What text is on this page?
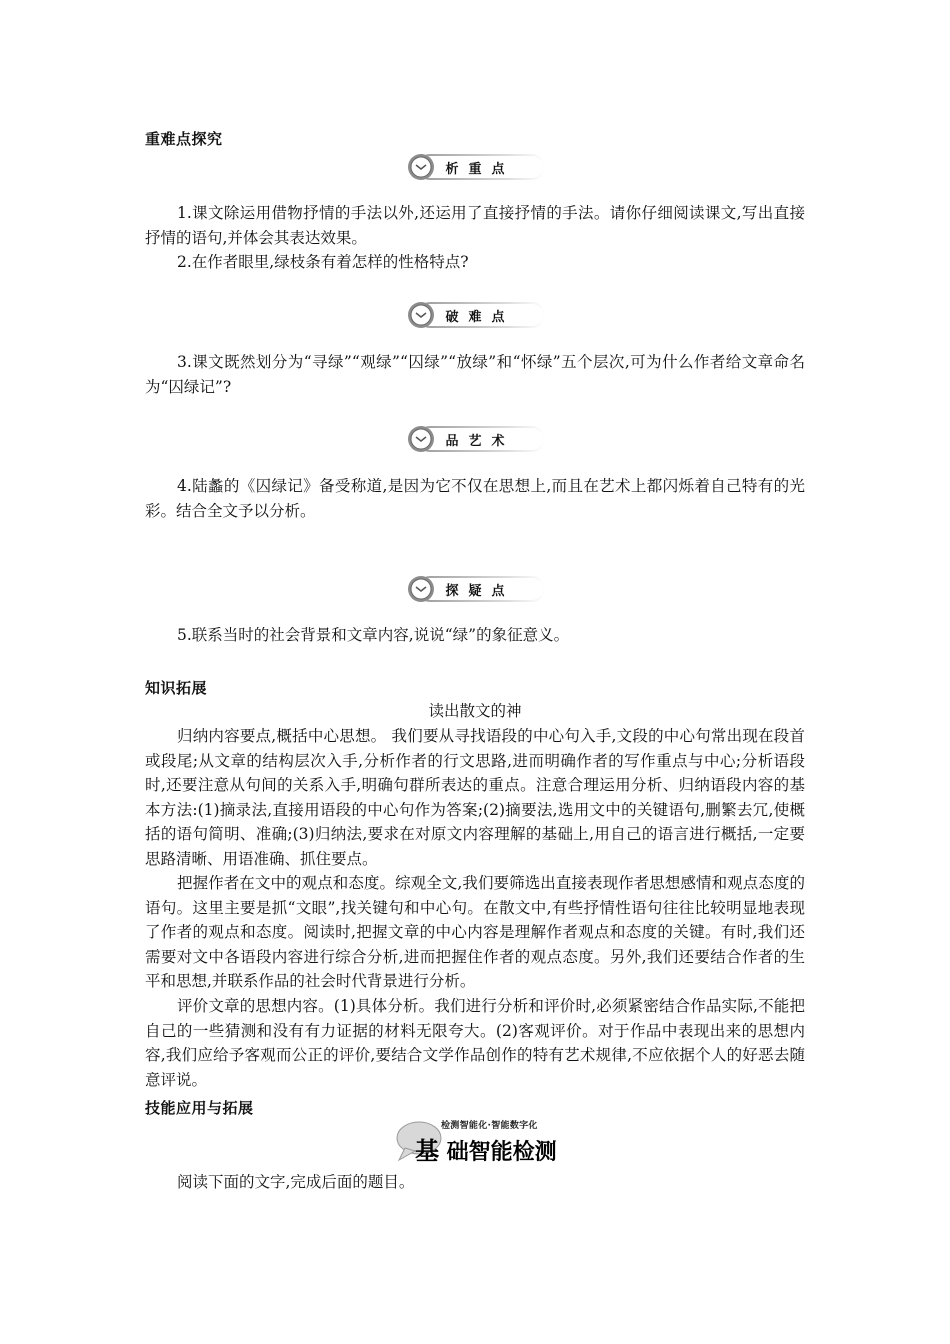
重难点探究
析重点
1.课文除运用借物抒情的手法以外,还运用了直接抒情的手法。请你仔细阅读课文,写出直接抒情的语句,并体会其表达效果。
2.在作者眼里,绿枝条有着怎样的性格特点?
破难点
3.课文既然划分为“寻绿”“观绿”“囚绿”“放绿”和“怀绿”五个层次,可为什么作者给文章命名为“囚绿记”?
品艺术
4.陆蠡的《囚绿记》备受称道,是因为它不仅在思想上,而且在艺术上都闪烁着自己特有的光彩。结合全文予以分析。
探疑点
5.联系当时的社会背景和文章内容,说说“绿”的象征意义。
知识拓展
读出散文的神
归纳内容要点,概括中心思想。 我们要从寻找语段的中心句入手,文段的中心句常出现在段首或段尾;从文章的结构层次入手,分析作者的行文思路,进而明确作者的写作重点与中心;分析语段时,还要注意从句间的关系入手,明确句群所表达的重点。注意合理运用分析、归纳语段内容的基本方法:(1)摘录法,直接用语段的中心句作为答案;(2)摘要法,选用文中的关键语句,删繁去冗,使概括的语句简明、准确;(3)归纳法,要求在对原文内容理解的基础上,用自己的语言进行概括,一定要思路清晰、用语准确、抓住要点。
把握作者在文中的观点和态度。综观全文,我们要筛选出直接表现作者思想感情和观点态度的语句。这里主要是抓“文眼”,找关键句和中心句。在散文中,有些抒情性语句往往比较明显地表现了作者的观点和态度。阅读时,把握文章的中心内容是理解作者观点和态度的关键。有时,我们还需要对文中各语段内容进行综合分析,进而把握住作者的观点态度。另外,我们还要结合作者的生平和思想,并联系作品的社会时代背景进行分析。
评价文章的思想内容。(1)具体分析。我们进行分析和评价时,必须紧密结合作品实际,不能把自己的一些猜测和没有有力证据的材料无限夸大。(2)客观评价。对于作品中表现出来的思想内容,我们应给予客观而公正的评价,要结合文学作品创作的特有艺术规律,不应依据个人的好恶去随意评说。
技能应用与拓展
检测智能化·智能数字化
基 础智能检测
阅读下面的文字,完成后面的题目。
